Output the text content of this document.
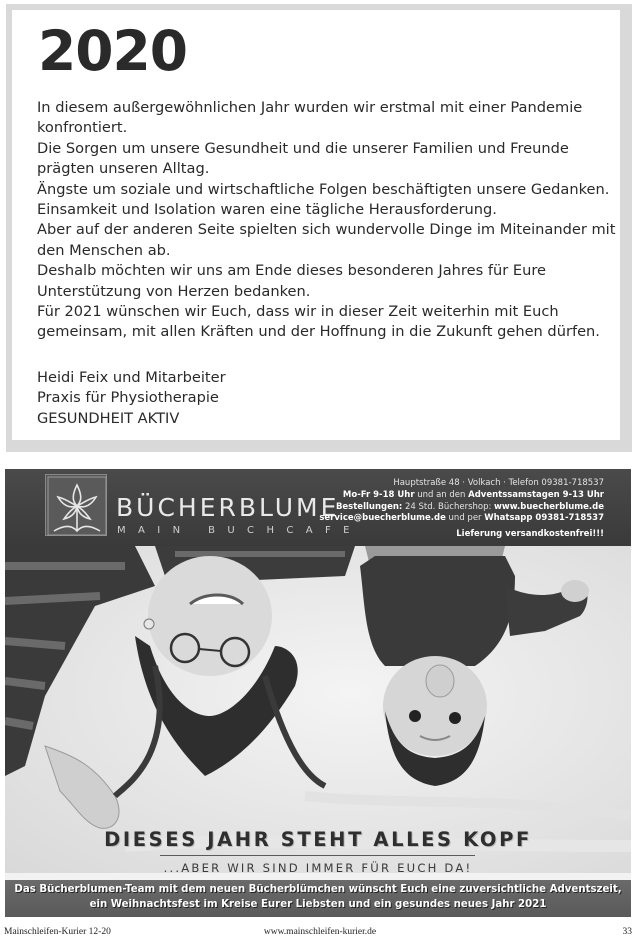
2020

In diesem außergewöhnlichen Jahr wurden wir erstmal mit einer Pandemie

konfrontiert.

Die Sorgen um unsere Gesundheit und die unserer Familien und Freunde

prägten unseren Alltag.

Ängste um soziale und wirtschaftliche Folgen beschäftigten unsere Gedanken.

Einsamkeit und Isolation waren eine tägliche Herausforderung.

Aber auf der anderen Seite spielten sich wundervolle Dinge im Miteinander mit

den Menschen ab.

Deshalb möchten wir uns am Ende dieses besonderen Jahres für Eure

Unterstützung von Herzen bedanken.

Für 2021 wünschen wir Euch, dass wir in dieser Zeit weiterhin mit Euch

gemeinsam, mit allen Kräften und der Hoffnung in die Zukunft gehen dürfen.

Heidi Feix und Mitarbeiter

Praxis für Physiotherapie

GESUNDHEIT AKTIV

BÜCHERBLUME
MAIN BUCHCAFE
Hauptstraße 48 · Volkach · Telefon 09381-718537
Mo-Fr 9-18 Uhr und an den Adventssamstagen 9-13 Uhr
Bestellungen: 24 Std. Büchershop: www.buecherblume.de
service@buecherblume.de und per Whatsapp 09381-718537
Lieferung versandkostenfrei!!!
DIESES JAHR STEHT ALLES KOPF
...ABER WIR SIND IMMER FÜR EUCH DA!
Das Bücherblumen-Team mit dem neuen Bücherblümchen wünscht Euch eine zuversichtliche Adventszeit,
ein Weihnachtsfest im Kreise Eurer Liebsten und ein gesundes neues Jahr 2021
Mainschleifen-Kurier 12-20	www.mainschleifen-kurier.de	33
